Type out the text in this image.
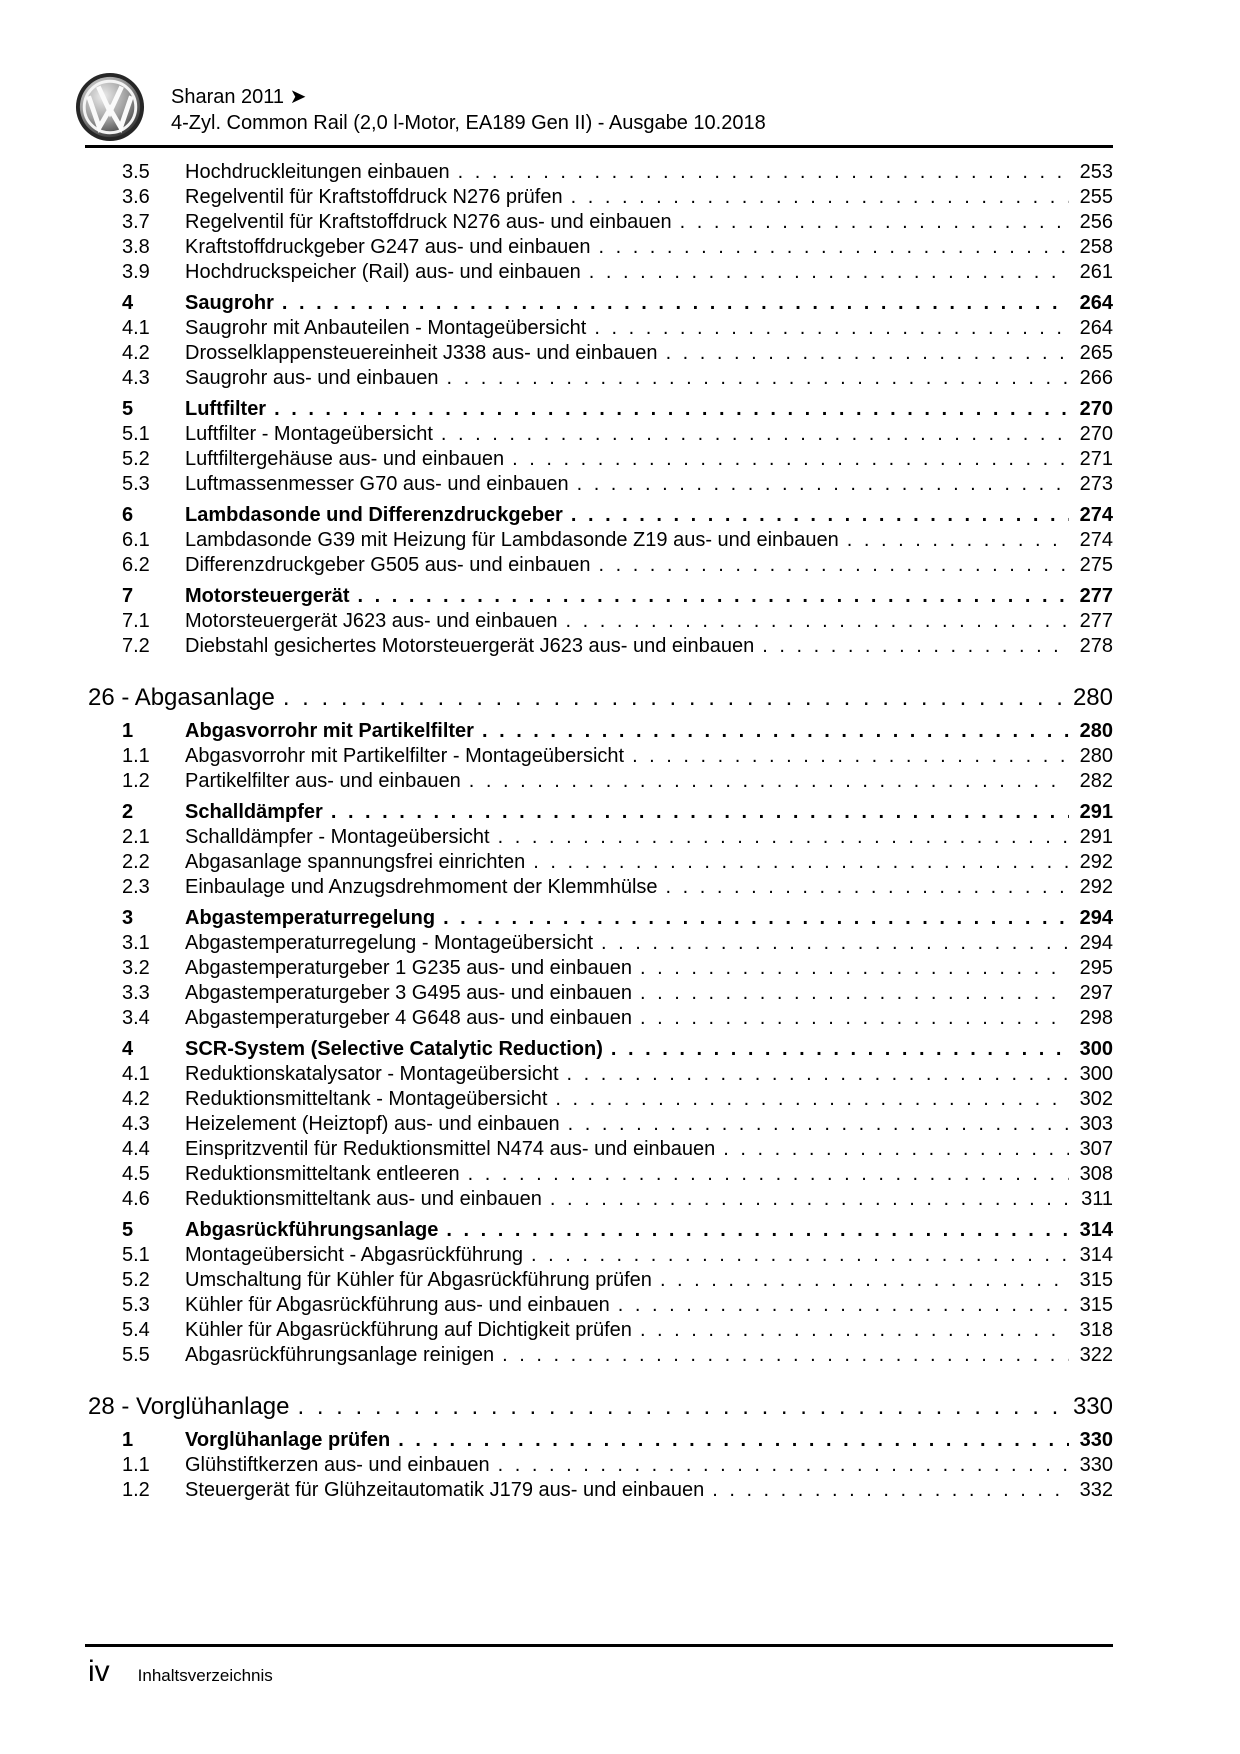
Sharan 2011 ➤
4-Zyl. Common Rail (2,0 l-Motor, EA189 Gen II) - Ausgabe 10.2018
3.5	Hochdruckleitungen einbauen . . .	253
3.6	Regelventil für Kraftstoffdruck N276 prüfen . . .	255
3.7	Regelventil für Kraftstoffdruck N276 aus- und einbauen . . .	256
3.8	Kraftstoffdruckgeber G247 aus- und einbauen . . .	258
3.9	Hochdruckspeicher (Rail) aus- und einbauen . . .	261
4	Saugrohr . . .	264
4.1	Saugrohr mit Anbauteilen - Montageübersicht . . .	264
4.2	Drosselklappensteuereinheit J338 aus- und einbauen . . .	265
4.3	Saugrohr aus- und einbauen . . .	266
5	Luftfilter . . .	270
5.1	Luftfilter - Montageübersicht . . .	270
5.2	Luftfiltergehäuse aus- und einbauen . . .	271
5.3	Luftmassenmesser G70 aus- und einbauen . . .	273
6	Lambdasonde und Differenzdruckgeber . . .	274
6.1	Lambdasonde G39 mit Heizung für Lambdasonde Z19 aus- und einbauen . . .	274
6.2	Differenzdruckgeber G505 aus- und einbauen . . .	275
7	Motorsteuergerät . . .	277
7.1	Motorsteuergerät J623 aus- und einbauen . . .	277
7.2	Diebstahl gesichertes Motorsteuergerät J623 aus- und einbauen . . .	278
26 - Abgasanlage . . .	280
1	Abgasvorrohr mit Partikelfilter . . .	280
1.1	Abgasvorrohr mit Partikelfilter - Montageübersicht . . .	280
1.2	Partikelfilter aus- und einbauen . . .	282
2	Schalldämpfer . . .	291
2.1	Schalldämpfer - Montageübersicht . . .	291
2.2	Abgasanlage spannungsfrei einrichten . . .	292
2.3	Einbaulage und Anzugsdrehmoment der Klemmhülse . . .	292
3	Abgastemperaturregelung . . .	294
3.1	Abgastemperaturregelung - Montageübersicht . . .	294
3.2	Abgastemperaturgeber 1 G235 aus- und einbauen . . .	295
3.3	Abgastemperaturgeber 3 G495 aus- und einbauen . . .	297
3.4	Abgastemperaturgeber 4 G648 aus- und einbauen . . .	298
4	SCR-System (Selective Catalytic Reduction) . . .	300
4.1	Reduktionskatalysator - Montageübersicht . . .	300
4.2	Reduktionsmitteltank - Montageübersicht . . .	302
4.3	Heizelement (Heiztopf) aus- und einbauen . . .	303
4.4	Einspritzventil für Reduktionsmittel N474 aus- und einbauen . . .	307
4.5	Reduktionsmitteltank entleeren . . .	308
4.6	Reduktionsmitteltank aus- und einbauen . . .	311
5	Abgasrückführungsanlage . . .	314
5.1	Montageübersicht - Abgasrückführung . . .	314
5.2	Umschaltung für Kühler für Abgasrückführung prüfen . . .	315
5.3	Kühler für Abgasrückführung aus- und einbauen . . .	315
5.4	Kühler für Abgasrückführung auf Dichtigkeit prüfen . . .	318
5.5	Abgasrückführungsanlage reinigen . . .	322
28 - Vorglühanlage . . .	330
1	Vorglühanlage prüfen . . .	330
1.1	Glühstiftkerzen aus- und einbauen . . .	330
1.2	Steuergerät für Glühzeitautomatik J179 aus- und einbauen . . .	332
iv Inhaltsverzeichnis
